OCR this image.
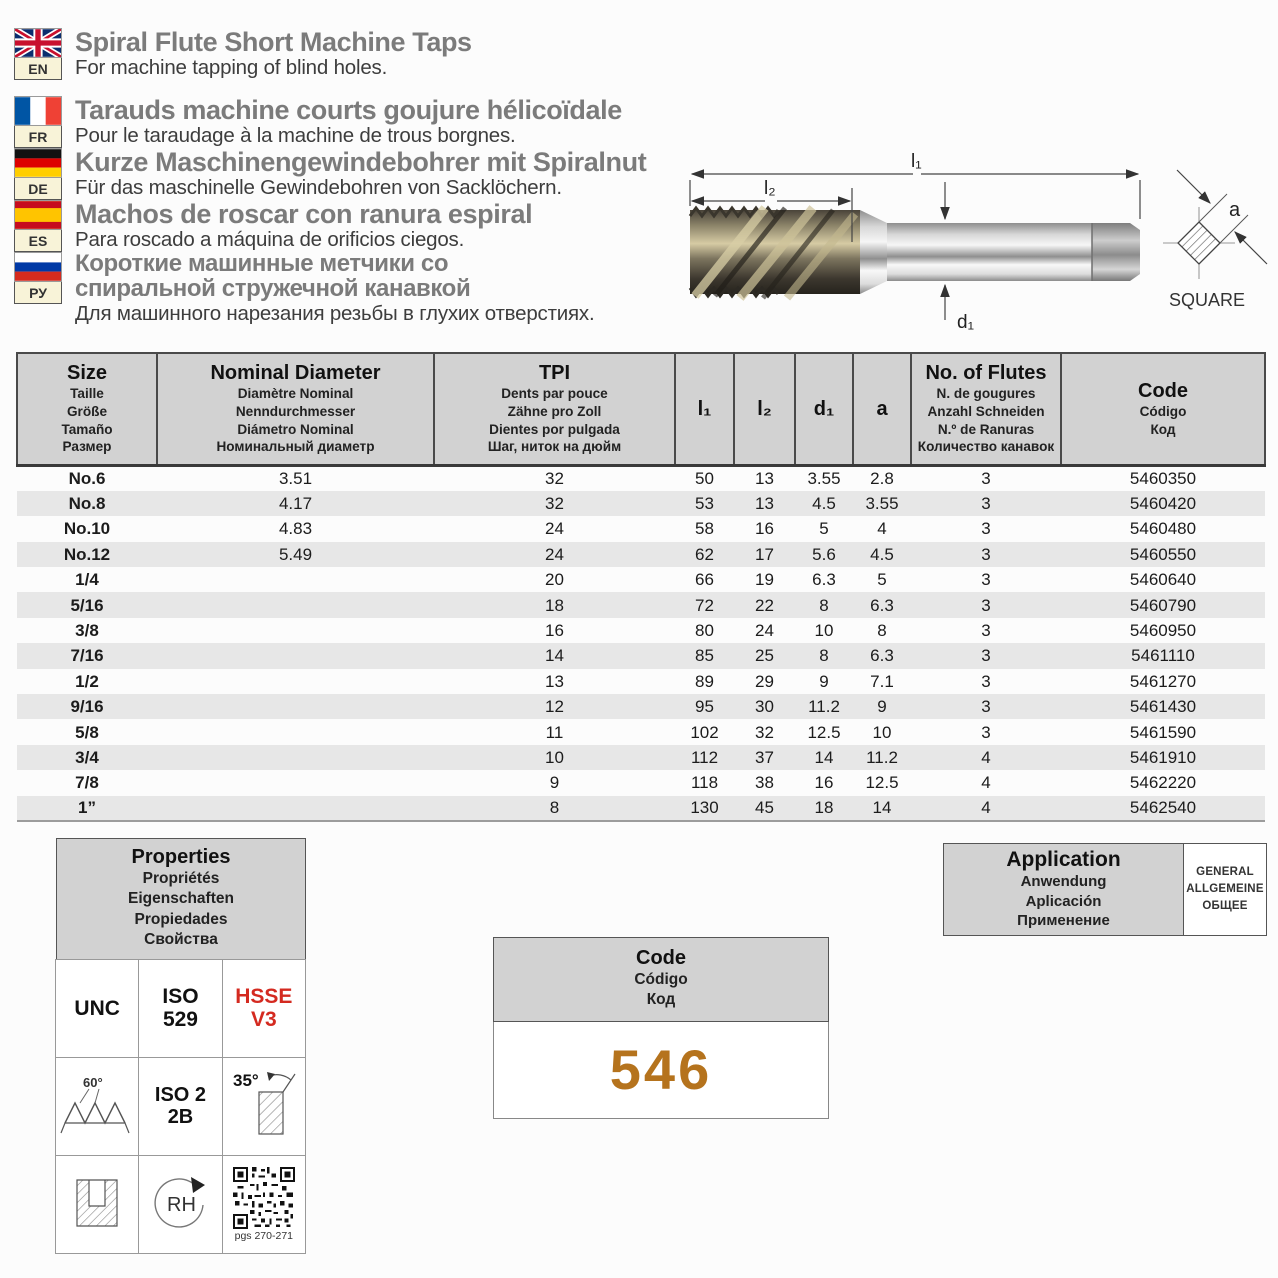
EN
Spiral Flute Short Machine Taps
For machine tapping of blind holes.
FR
Tarauds machine courts goujure hélicoïdale
Pour le taraudage à la machine de trous borgnes.
DE
Kurze Maschinengewindebohrer mit Spiralnut
Für das maschinelle Gewindebohren von Sacklöchern.
ES
Machos de roscar con ranura espiral
Para roscado a máquina de orificios ciegos.
РУ
Короткие машинные метчики со спиральной стружечной канавкой
Для машинного нарезания резьбы в глухих отверстиях.
l₁
l₂
d₁
a
SQUARE
Size
Taille
Größe
Tamaño
Размер

Nominal Diameter
Diamètre Nominal
Nenndurchmesser
Diámetro Nominal
Номинальный диаметр

TPI
Dents par pouce
Zähne pro Zoll
Dientes por pulgada
Шаг, ниток на дюйм

l₁	l₂	d₁	a

No. of Flutes
N. de gougures
Anzahl Schneiden
N.º de Ranuras
Количество канавок

Code
Código
Код

No.6	3.51	32	50	13	3.55	2.8	3	5460350
No.8	4.17	32	53	13	4.5	3.55	3	5460420
No.10	4.83	24	58	16	5	4	3	5460480
No.12	5.49	24	62	17	5.6	4.5	3	5460550
1/4		20	66	19	6.3	5	3	5460640
5/16		18	72	22	8	6.3	3	5460790
3/8		16	80	24	10	8	3	5460950
7/16		14	85	25	8	6.3	3	5461110
1/2		13	89	29	9	7.1	3	5461270
9/16		12	95	30	11.2	9	3	5461430
5/8		11	102	32	12.5	10	3	5461590
3/4		10	112	37	14	11.2	4	5461910
7/8		9	118	38	16	12.5	4	5462220
1”		8	130	45	18	14	4	5462540
Properties
Propriétés
Eigenschaften
Propiedades
Свойства
UNC
ISO 529
HSSE V3
60°
ISO 2 2B
35°
RH
pgs 270-271
Code
Código
Код
546
Application
Anwendung
Aplicación
Применение
GENERAL
ALLGEMEINE
ОБЩЕЕ
